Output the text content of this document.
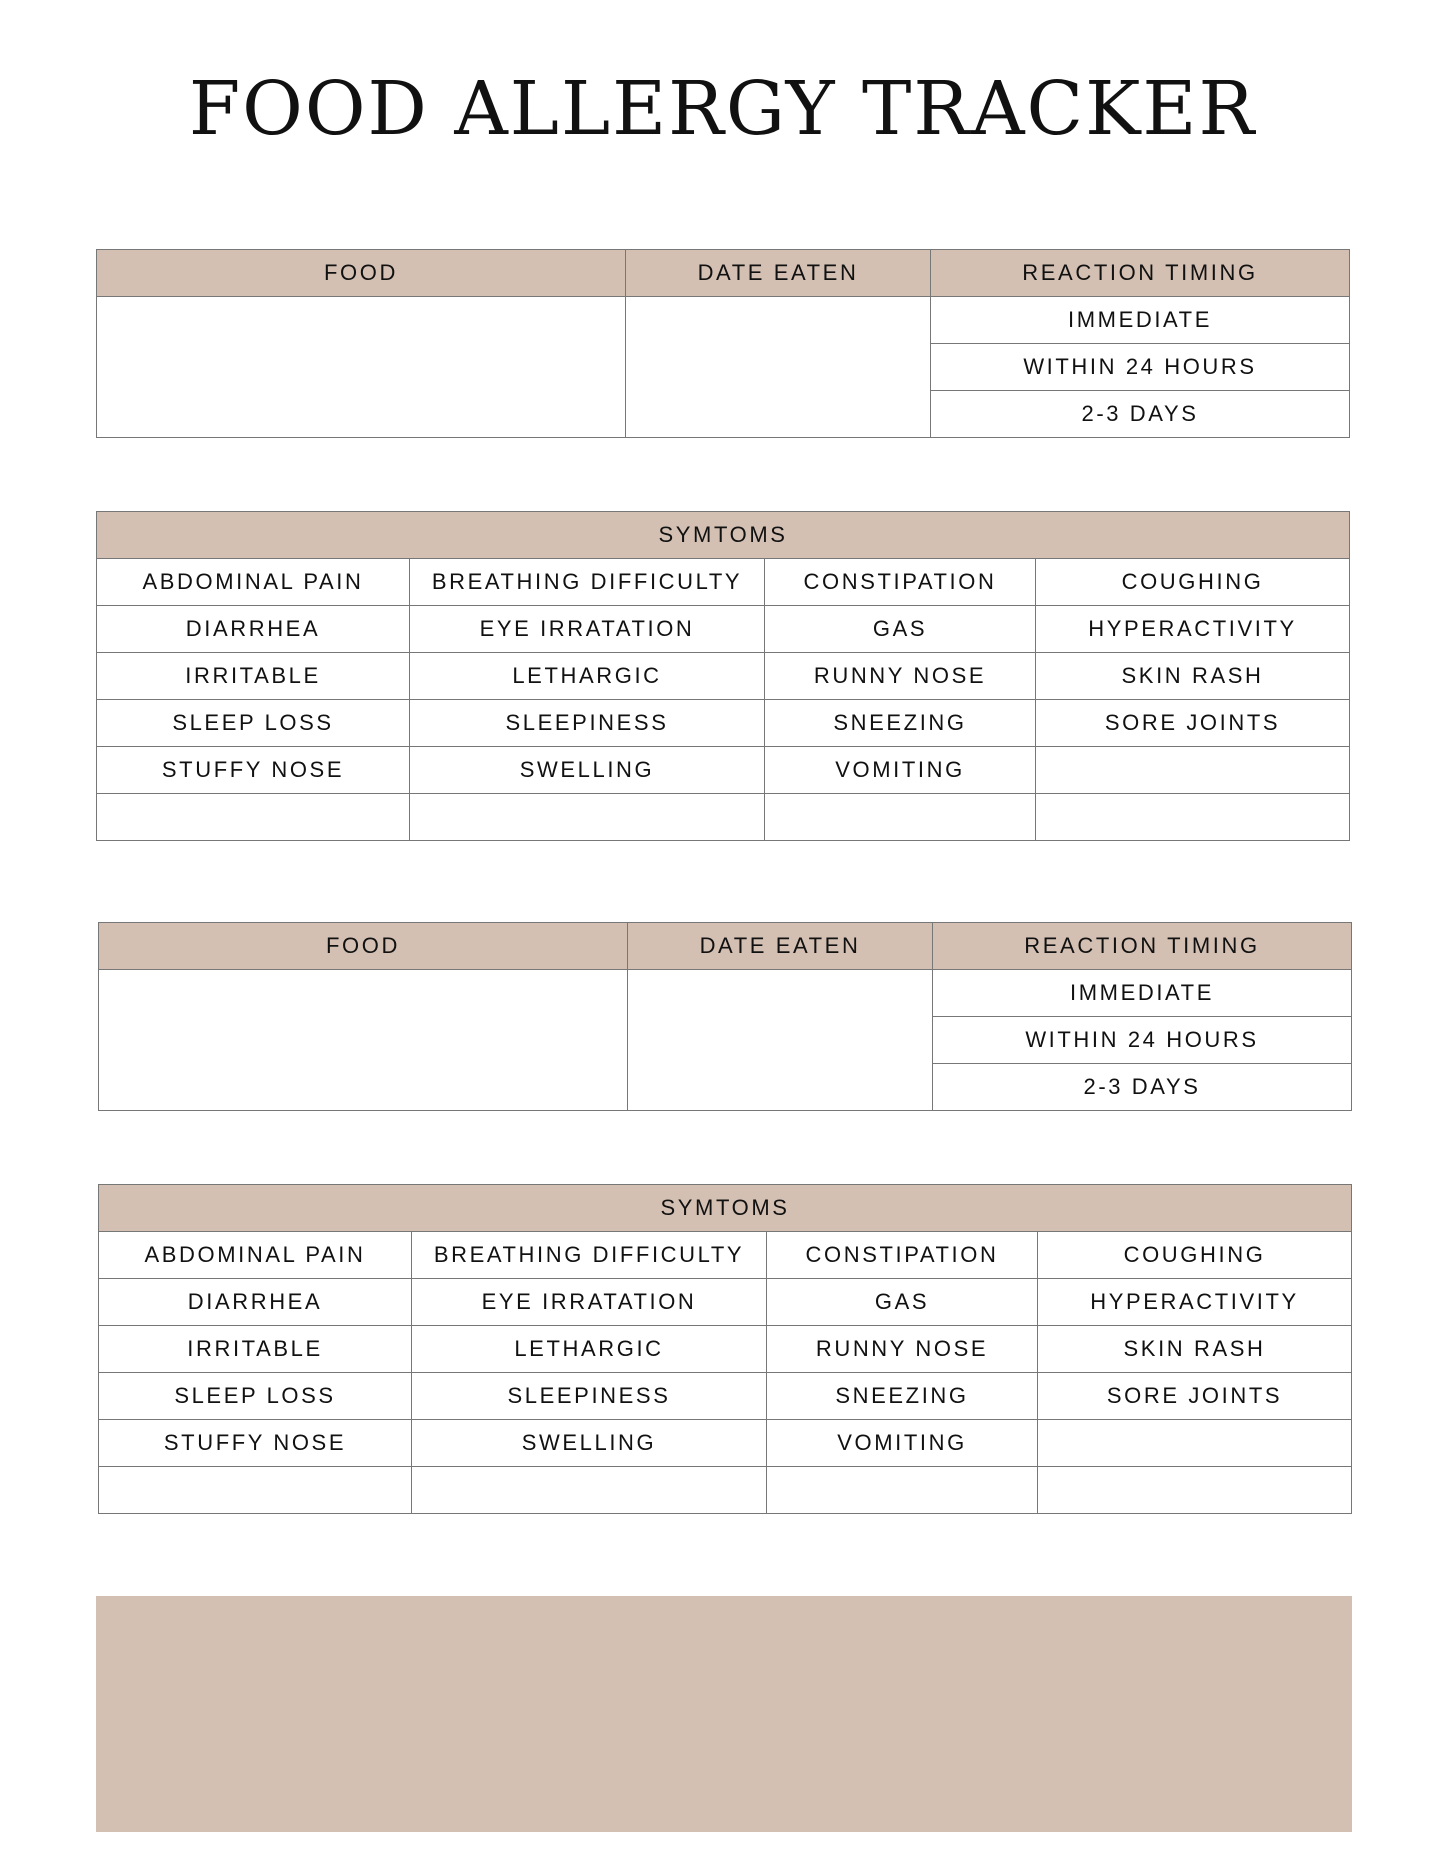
FOOD ALLERGY TRACKER
FOOD	DATE EATEN	REACTION TIMING
		IMMEDIATE
		WITHIN 24 HOURS
		2-3 DAYS
SYMTOMS			
ABDOMINAL PAIN	BREATHING DIFFICULTY	CONSTIPATION	COUGHING
DIARRHEA	EYE IRRATATION	GAS	HYPERACTIVITY
IRRITABLE	LETHARGIC	RUNNY NOSE	SKIN RASH
SLEEP LOSS	SLEEPINESS	SNEEZING	SORE JOINTS
STUFFY NOSE	SWELLING	VOMITING	

FOOD	DATE EATEN	REACTION TIMING
		IMMEDIATE
		WITHIN 24 HOURS
		2-3 DAYS
SYMTOMS			
ABDOMINAL PAIN	BREATHING DIFFICULTY	CONSTIPATION	COUGHING
DIARRHEA	EYE IRRATATION	GAS	HYPERACTIVITY
IRRITABLE	LETHARGIC	RUNNY NOSE	SKIN RASH
SLEEP LOSS	SLEEPINESS	SNEEZING	SORE JOINTS
STUFFY NOSE	SWELLING	VOMITING	
